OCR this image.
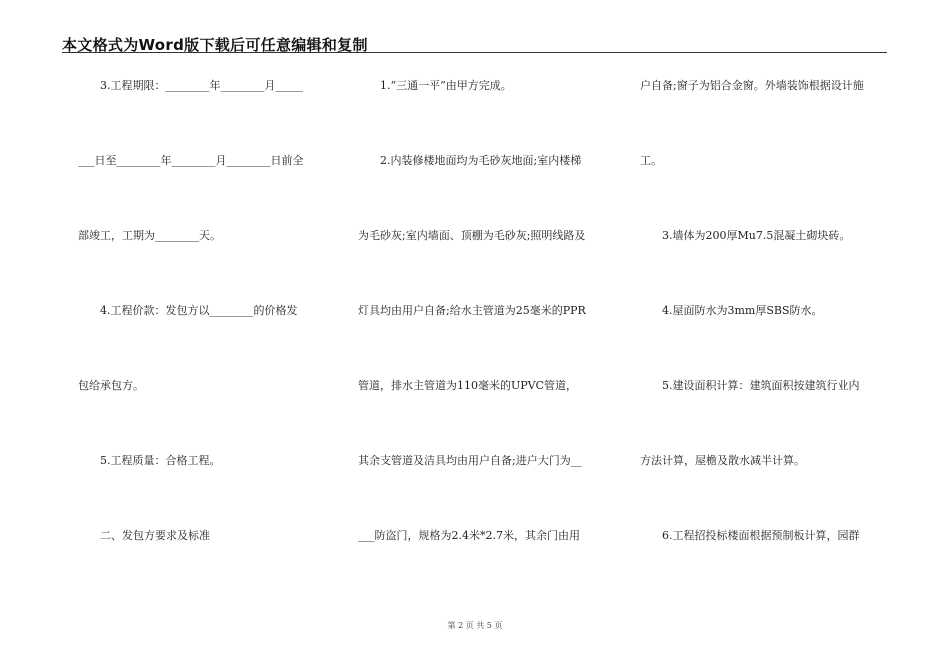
本文格式为Word版下载后可任意编辑和复制
　　3.工程期限：________年________月_____
___日至________年________月________日前全
部竣工，工期为________天。
　　4.工程价款：发包方以________的价格发
包给承包方。
　　5.工程质量：合格工程。
　　二、发包方要求及标准
　　1.“三通一平”由甲方完成。
　　2.内装修楼地面均为毛砂灰地面;室内楼梯
为毛砂灰;室内墙面、顶棚为毛砂灰;照明线路及
灯具均由用户自备;给水主管道为25毫米的PPR
管道，排水主管道为110毫米的UPVC管道，
其余支管道及洁具均由用户自备;进户大门为__
___防盗门，规格为2.4米*2.7米，其余门由用
户自备;窗子为铝合金窗。外墙装饰根据设计施
工。
　　3.墙体为200厚Mu7.5混凝土砌块砖。
　　4.屋面防水为3mm厚SBS防水。
　　5.建设面积计算：建筑面积按建筑行业内
方法计算，屋檐及散水减半计算。
　　6.工程招投标楼面根据预制板计算，园群
第 2 页 共 5 页
